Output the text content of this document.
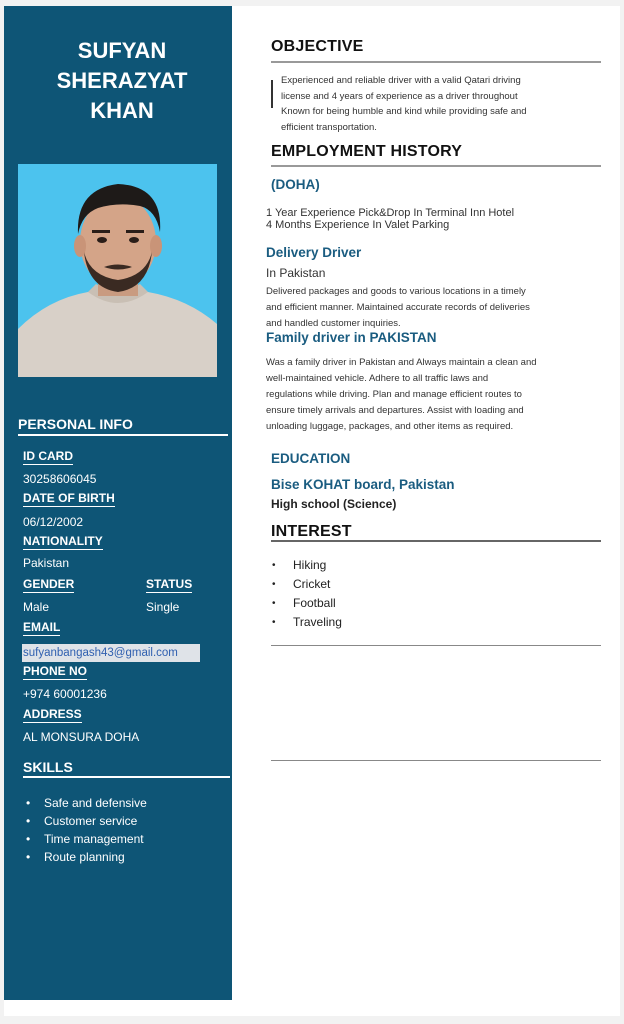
SUFYAN
SHERAZYAT
KHAN
PERSONAL INFO
ID CARD
30258606045
DATE OF BIRTH
06/12/2002
NATIONALITY
Pakistan
GENDER
Male
STATUS
Single
EMAIL
sufyanbangash43@gmail.com
PHONE NO
+974 60001236
ADDRESS
AL MONSURA DOHA
SKILLS
• Safe and defensive
• Customer service
• Time management
• Route planning
OBJECTIVE
Experienced and reliable driver with a valid Qatari driving
license and 4 years of experience as a driver throughout
Known for being humble and kind while providing safe and
efficient transportation.
EMPLOYMENT HISTORY
(DOHA)
1 Year Experience Pick&Drop In Terminal Inn Hotel
4 Months Experience In Valet Parking
Delivery Driver
In Pakistan
Delivered packages and goods to various locations in a timely
and efficient manner. Maintained accurate records of deliveries
and handled customer inquiries.
Family driver in PAKISTAN
Was a family driver in Pakistan and Always maintain a clean and
well-maintained vehicle. Adhere to all traffic laws and
regulations while driving. Plan and manage efficient routes to
ensure timely arrivals and departures. Assist with loading and
unloading luggage, packages, and other items as required.
EDUCATION
Bise KOHAT board, Pakistan
High school (Science)
INTEREST
• Hiking
• Cricket
• Football
• Traveling
